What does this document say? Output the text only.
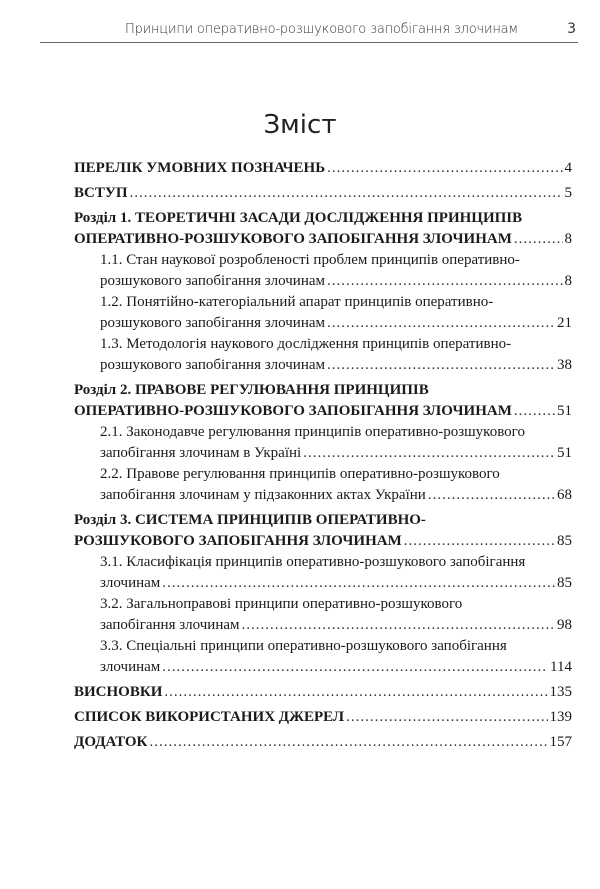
Принципи оперативно-розшукового запобігання злочинам	3
Зміст
ПЕРЕЛІК УМОВНИХ ПОЗНАЧЕНЬ .....	4
ВСТУП .....	5
Розділ 1. ТЕОРЕТИЧНІ ЗАСАДИ ДОСЛІДЖЕННЯ ПРИНЦИПІВ
ОПЕРАТИВНО-РОЗШУКОВОГО ЗАПОБІГАННЯ ЗЛОЧИНАМ .....	8
1.1. Стан наукової розробленості проблем принципів оперативно-
розшукового запобігання злочинам .....	8
1.2. Понятійно-категоріальний апарат принципів оперативно-
розшукового запобігання злочинам .....	21
1.3. Методологія наукового дослідження принципів оперативно-
розшукового запобігання злочинам .....	38
Розділ 2. ПРАВОВЕ РЕГУЛЮВАННЯ ПРИНЦИПІВ
ОПЕРАТИВНО-РОЗШУКОВОГО ЗАПОБІГАННЯ ЗЛОЧИНАМ .....	51
2.1. Законодавче регулювання принципів оперативно-розшукового
запобігання злочинам в Україні .....	51
2.2. Правове регулювання принципів оперативно-розшукового
запобігання злочинам у підзаконних актах України .....	68
Розділ 3. СИСТЕМА ПРИНЦИПІВ ОПЕРАТИВНО-
РОЗШУКОВОГО ЗАПОБІГАННЯ ЗЛОЧИНАМ .....	85
3.1. Класифікація принципів оперативно-розшукового запобігання
злочинам .....	85
3.2. Загальноправові принципи оперативно-розшукового
запобігання злочинам .....	98
3.3. Спеціальні принципи оперативно-розшукового запобігання
злочинам .....	114
ВИСНОВКИ .....	135
СПИСОК ВИКОРИСТАНИХ ДЖЕРЕЛ .....	139
ДОДАТОК .....	157
